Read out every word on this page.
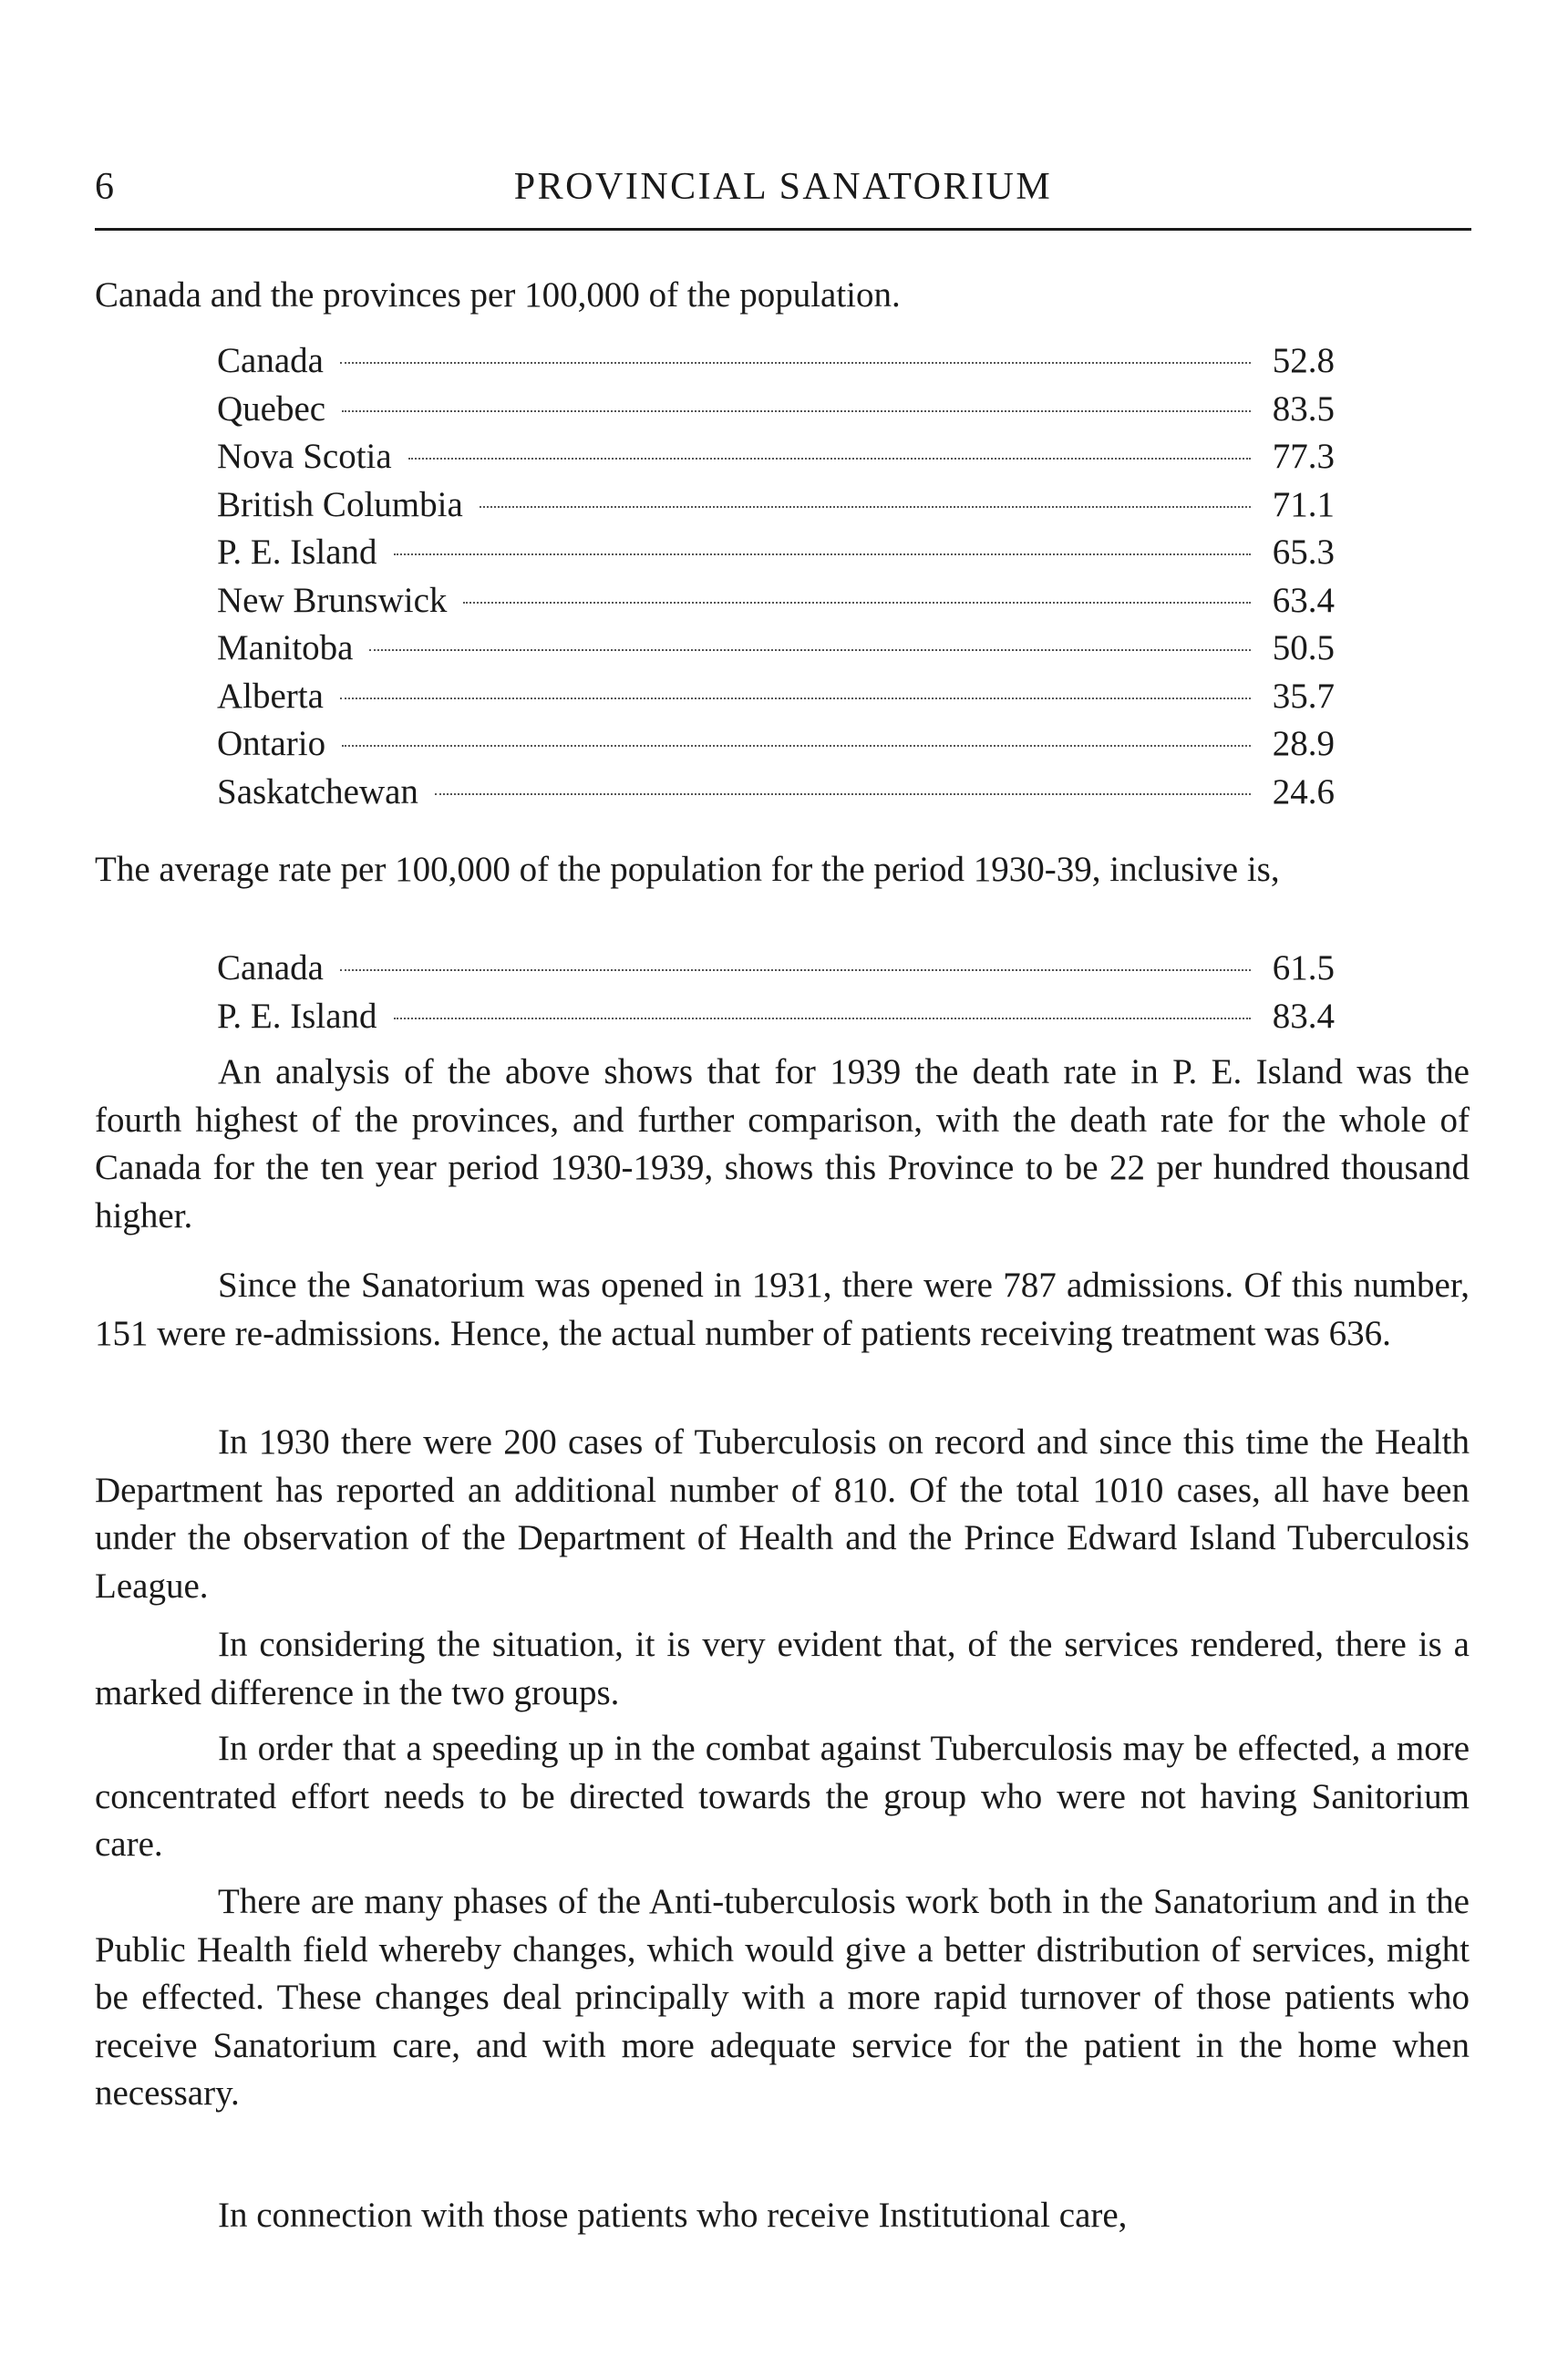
6	PROVINCIAL SANATORIUM

Canada and the provinces per 100,000 of the population.

Canada	52.8
Quebec	83.5
Nova Scotia	77.3
British Columbia	71.1
P. E. Island	65.3
New Brunswick	63.4
Manitoba	50.5
Alberta	35.7
Ontario	28.9
Saskatchewan	24.6

The average rate per 100,000 of the population for the period 1930-39, inclusive is,

Canada	61.5
P. E. Island	83.4

An analysis of the above shows that for 1939 the death rate in P. E. Island was the fourth highest of the provinces, and further comparison, with the death rate for the whole of Canada for the ten year period 1930-1939, shows this Province to be 22 per hundred thousand higher.

Since the Sanatorium was opened in 1931, there were 787 admissions. Of this number, 151 were re-admissions. Hence, the actual number of patients receiving treatment was 636.

In 1930 there were 200 cases of Tuberculosis on record and since this time the Health Department has reported an additional number of 810. Of the total 1010 cases, all have been under the observation of the Department of Health and the Prince Edward Island Tuberculosis League.

In considering the situation, it is very evident that, of the services rendered, there is a marked difference in the two groups.

In order that a speeding up in the combat against Tuberculosis may be effected, a more concentrated effort needs to be directed towards the group who were not having Sanitorium care.

There are many phases of the Anti-tuberculosis work both in the Sanatorium and in the Public Health field whereby changes, which would give a better distribution of services, might be effected. These changes deal principally with a more rapid turnover of those patients who receive Sanatorium care, and with more adequate service for the patient in the home when necessary.

In connection with those patients who receive Institutional care,
